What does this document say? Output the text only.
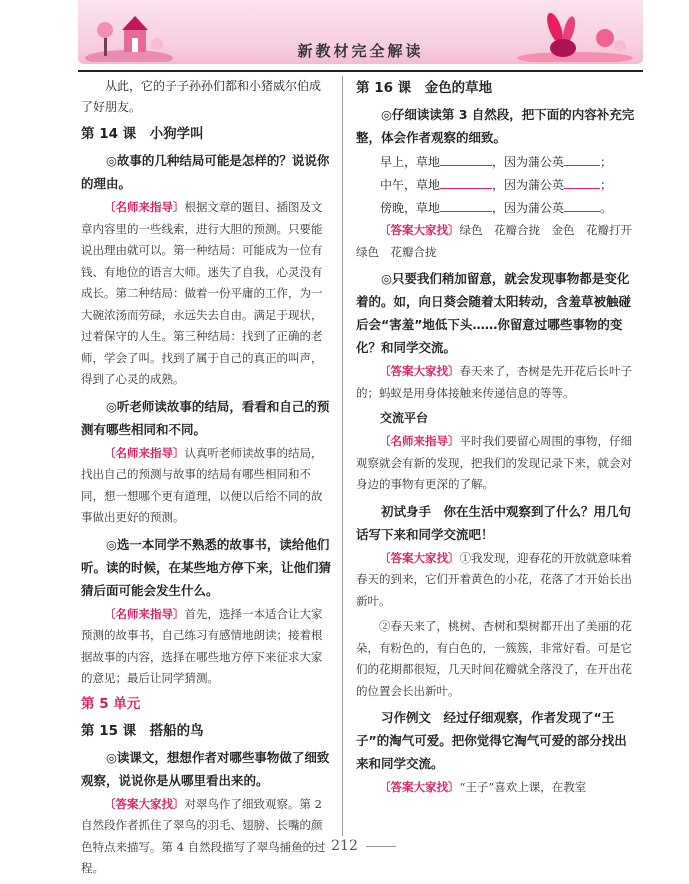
新教材完全解读

从此，它的子子孙孙们都和小猪威尔伯成了好朋友。

第 14 课　小狗学叫

◎故事的几种结局可能是怎样的？说说你的理由。

〔名师来指导〕根据文章的题目、插图及文章内容里的一些线索，进行大胆的预测。只要能说出理由就可以。第一种结局：可能成为一位有钱、有地位的语言大师。迷失了自我，心灵没有成长。第二种结局：做着一份平庸的工作，为一大碗浓汤而劳碌，永远失去自由。满足于现状，过着保守的人生。第三种结局：找到了正确的老师，学会了叫。找到了属于自己的真正的叫声，得到了心灵的成熟。

◎听老师读故事的结局，看看和自己的预测有哪些相同和不同。

〔名师来指导〕认真听老师读故事的结局，找出自己的预测与故事的结局有哪些相同和不同，想一想哪个更有道理，以便以后给不同的故事做出更好的预测。

◎选一本同学不熟悉的故事书，读给他们听。读的时候，在某些地方停下来，让他们猜猜后面可能会发生什么。

〔名师来指导〕首先，选择一本适合让大家预测的故事书，自己练习有感情地朗读；接着根据故事的内容，选择在哪些地方停下来征求大家的意见；最后让同学猜测。

第 5 单元
第 15 课　搭船的鸟

◎读课文，想想作者对哪些事物做了细致观察，说说你是从哪里看出来的。

〔答案大家找〕对翠鸟作了细致观察。第 2 自然段作者抓住了翠鸟的羽毛、翅膀、长嘴的颜色特点来描写。第 4 自然段描写了翠鸟捕鱼的过程。

第 16 课　金色的草地

◎仔细读读第 3 自然段，把下面的内容补充完整，体会作者观察的细致。

早上，草地	，因为蒲公英	；

中午，草地	，因为蒲公英	；

傍晚，草地	，因为蒲公英	。

〔答案大家找〕绿色　花瓣合拢　金色　花瓣打开　绿色　花瓣合拢

◎只要我们稍加留意，就会发现事物都是变化着的。如，向日葵会随着太阳转动，含羞草被触碰后会“害羞”地低下头……你留意过哪些事物的变化？和同学交流。

〔答案大家找〕春天来了，杏树是先开花后长叶子的；蚂蚁是用身体接触来传递信息的等等。

交流平台

〔名师来指导〕平时我们要留心周围的事物，仔细观察就会有新的发现，把我们的发现记录下来，就会对身边的事物有更深的了解。

初试身手　你在生活中观察到了什么？用几句话写下来和同学交流吧！

〔答案大家找〕①我发现，迎春花的开放就意味着春天的到来，它们开着黄色的小花，花落了才开始长出新叶。

②春天来了，桃树、杏树和梨树都开出了美丽的花朵，有粉色的，有白色的，一簇簇，非常好看。可是它们的花期都很短，几天时间花瓣就全落没了，在开出花的位置会长出新叶。

习作例文　经过仔细观察，作者发现了“王子”的淘气可爱。把你觉得它淘气可爱的部分找出来和同学交流。

〔答案大家找〕“王子”喜欢上课，在教室

212
